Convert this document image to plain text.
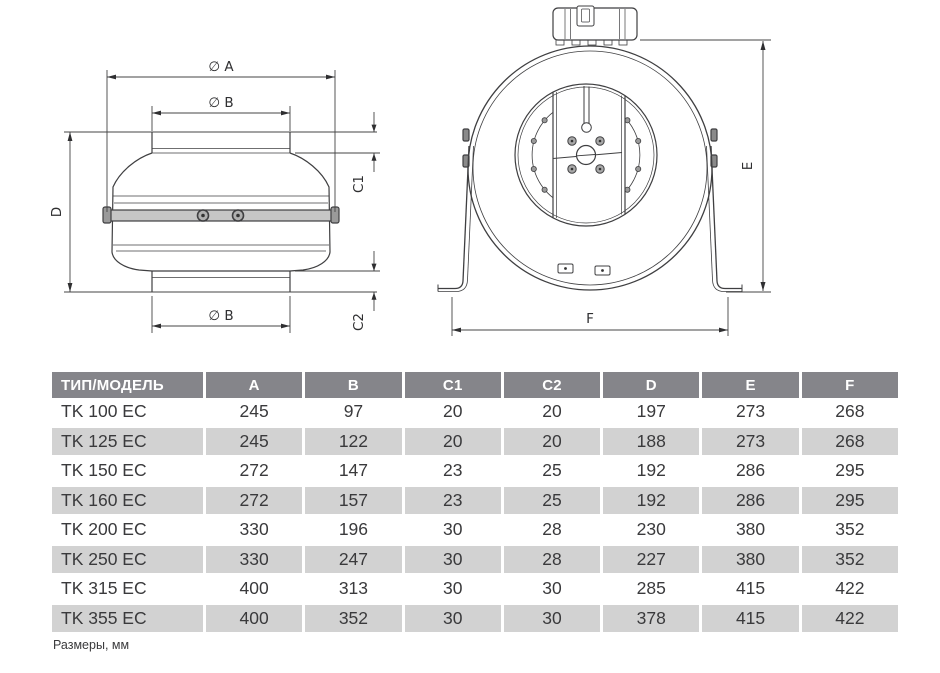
∅ A
∅ B
D
C1
C2
∅ B
E
F
ТИП/МОДЕЛЬ	A	B	C1	C2	D	E	F
TK 100 EC	245	97	20	20	197	273	268
TK 125 EC	245	122	20	20	188	273	268
TK 150 EC	272	147	23	25	192	286	295
TK 160 EC	272	157	23	25	192	286	295
TK 200 EC	330	196	30	28	230	380	352
TK 250 EC	330	247	30	28	227	380	352
TK 315 EC	400	313	30	30	285	415	422
TK 355 EC	400	352	30	30	378	415	422
Размеры, мм
